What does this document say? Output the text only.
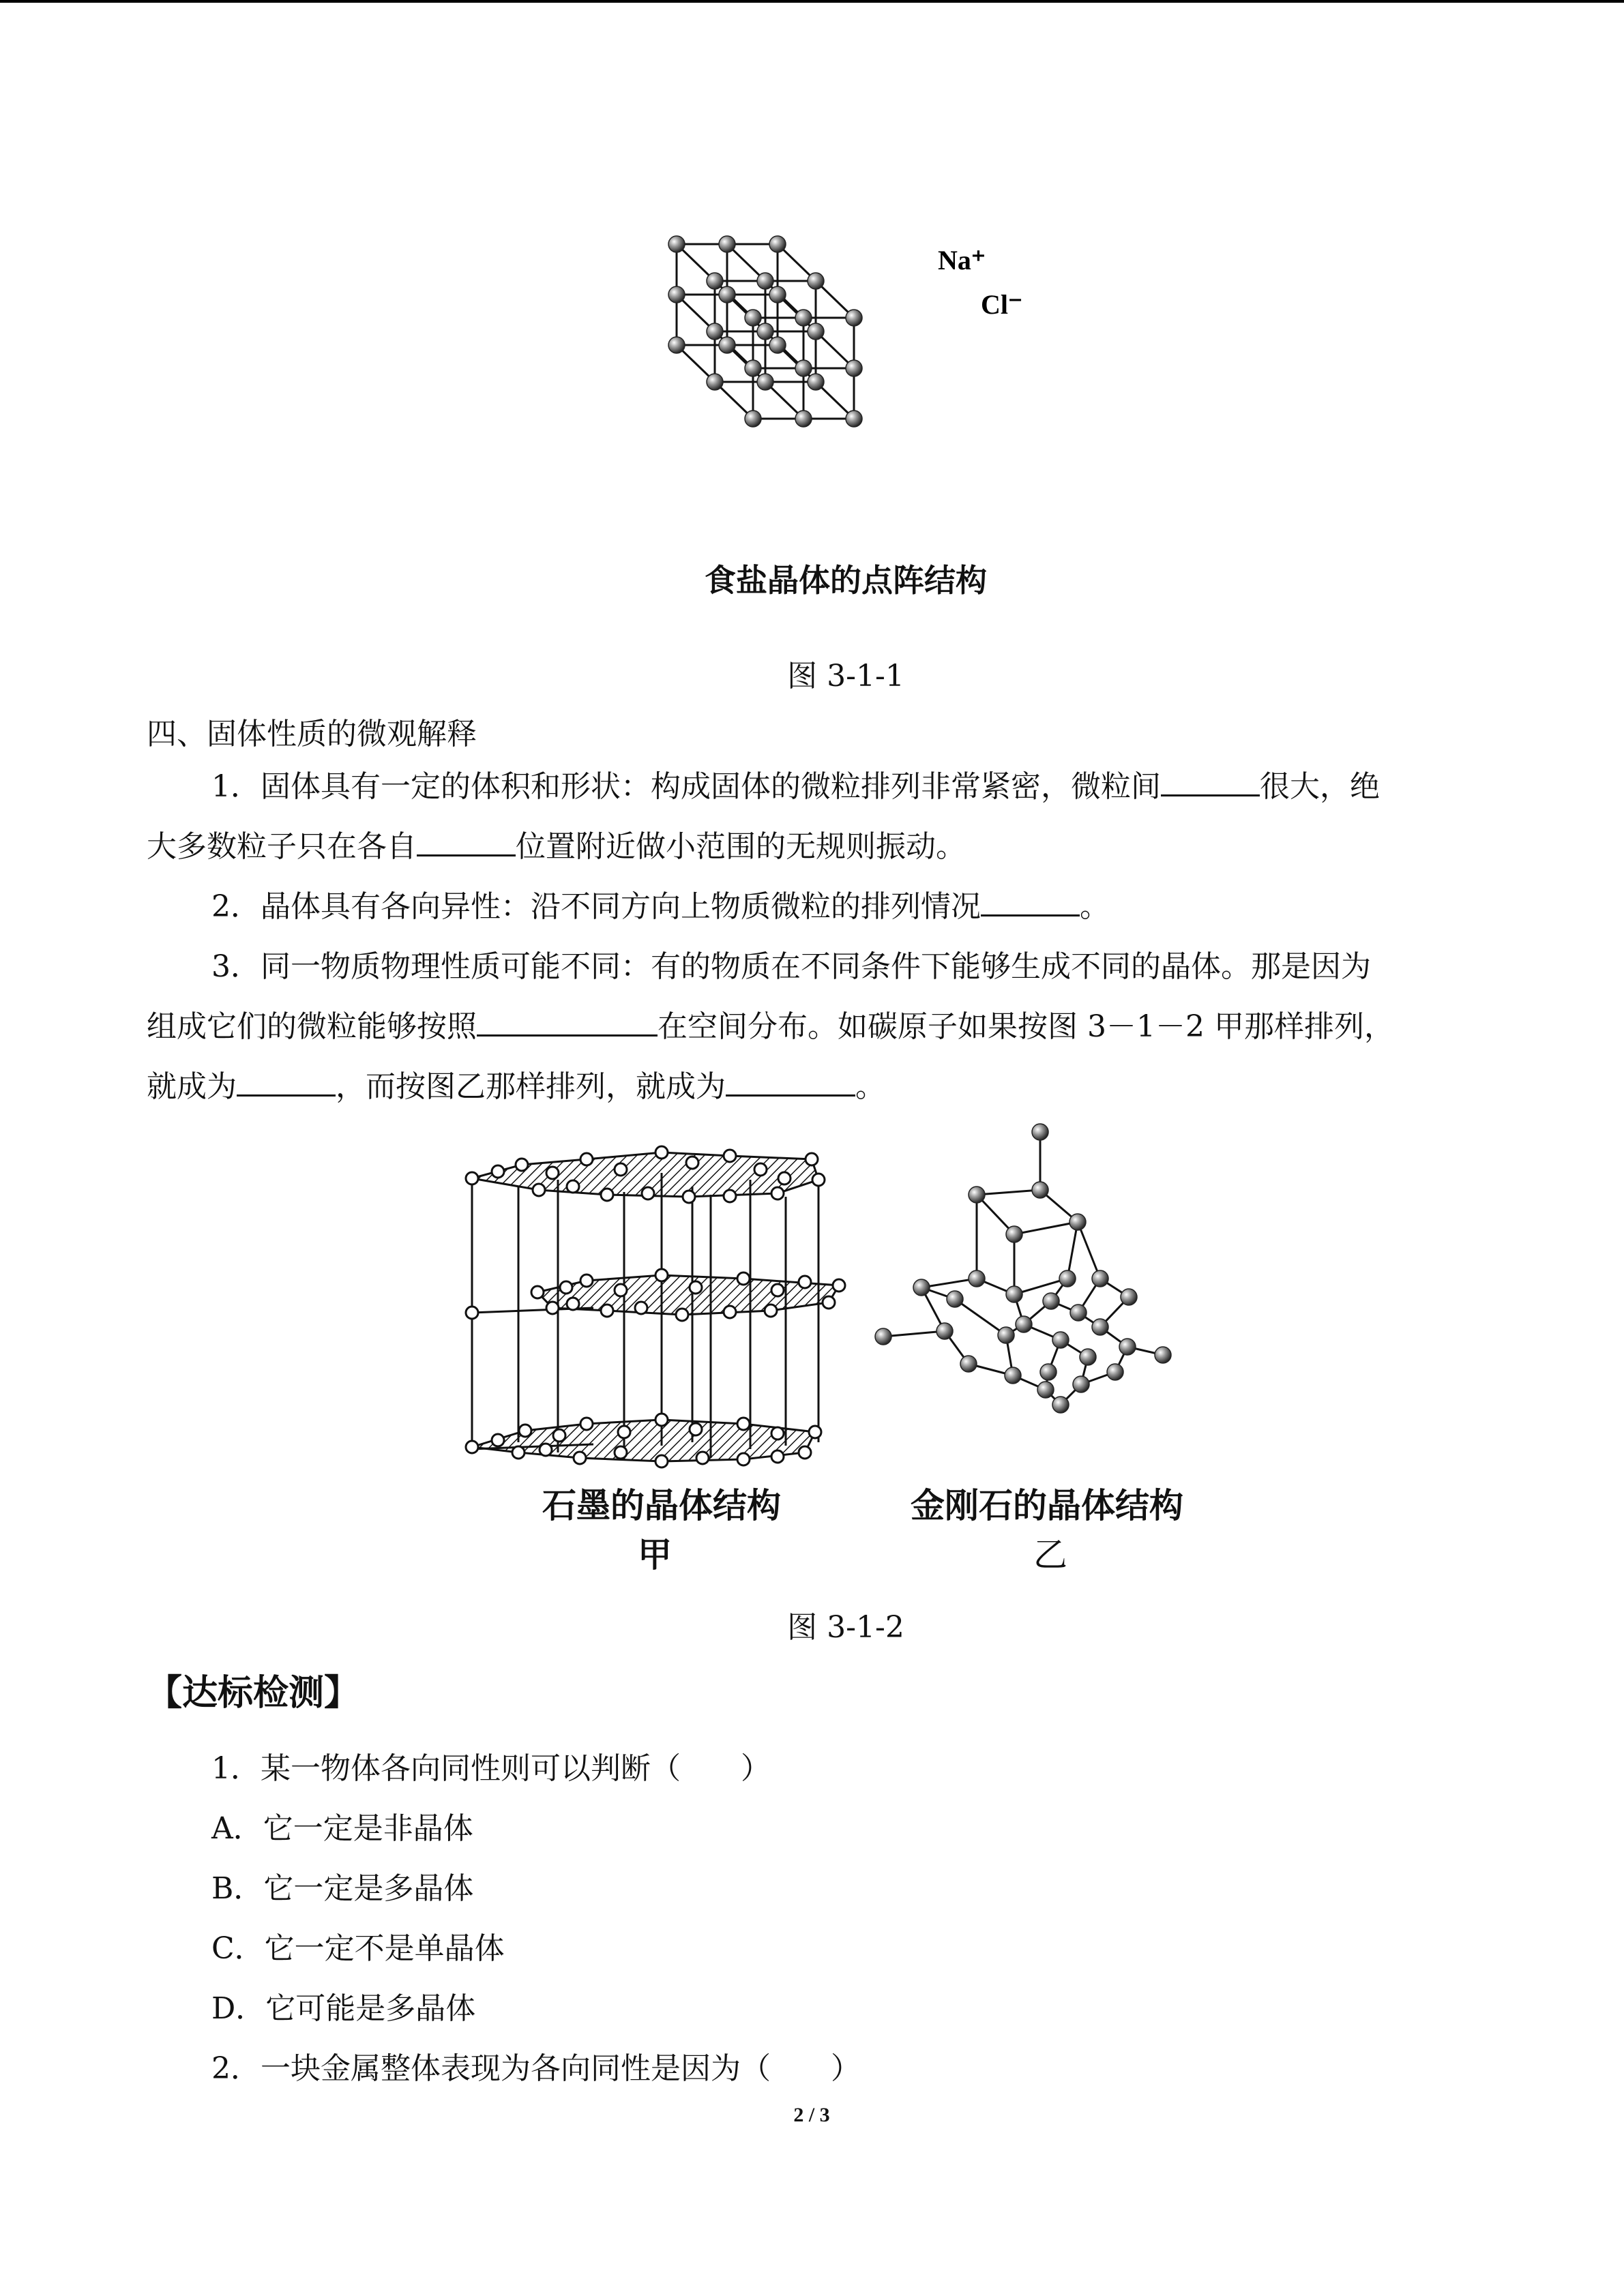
Na⁺
Cl⁻
食盐晶体的点阵结构
图 3-1-1
四、固体性质的微观解释
1．固体具有一定的体积和形状：构成固体的微粒排列非常紧密，微粒间	很大，绝
大多数粒子只在各自	位置附近做小范围的无规则振动。
2．晶体具有各向异性：沿不同方向上物质微粒的排列情况	。
3．同一物质物理性质可能不同：有的物质在不同条件下能够生成不同的晶体。那是因为
组成它们的微粒能够按照	在空间分布。如碳原子如果按图 3－1－2 甲那样排列，
就成为	，而按图乙那样排列，就成为	。
石墨的晶体结构
甲
金刚石的晶体结构
乙
图 3-1-2
【达标检测】
1．某一物体各向同性则可以判断（　　）
A．它一定是非晶体
B．它一定是多晶体
C．它一定不是单晶体
D．它可能是多晶体
2．一块金属整体表现为各向同性是因为（　　）
2 / 3
